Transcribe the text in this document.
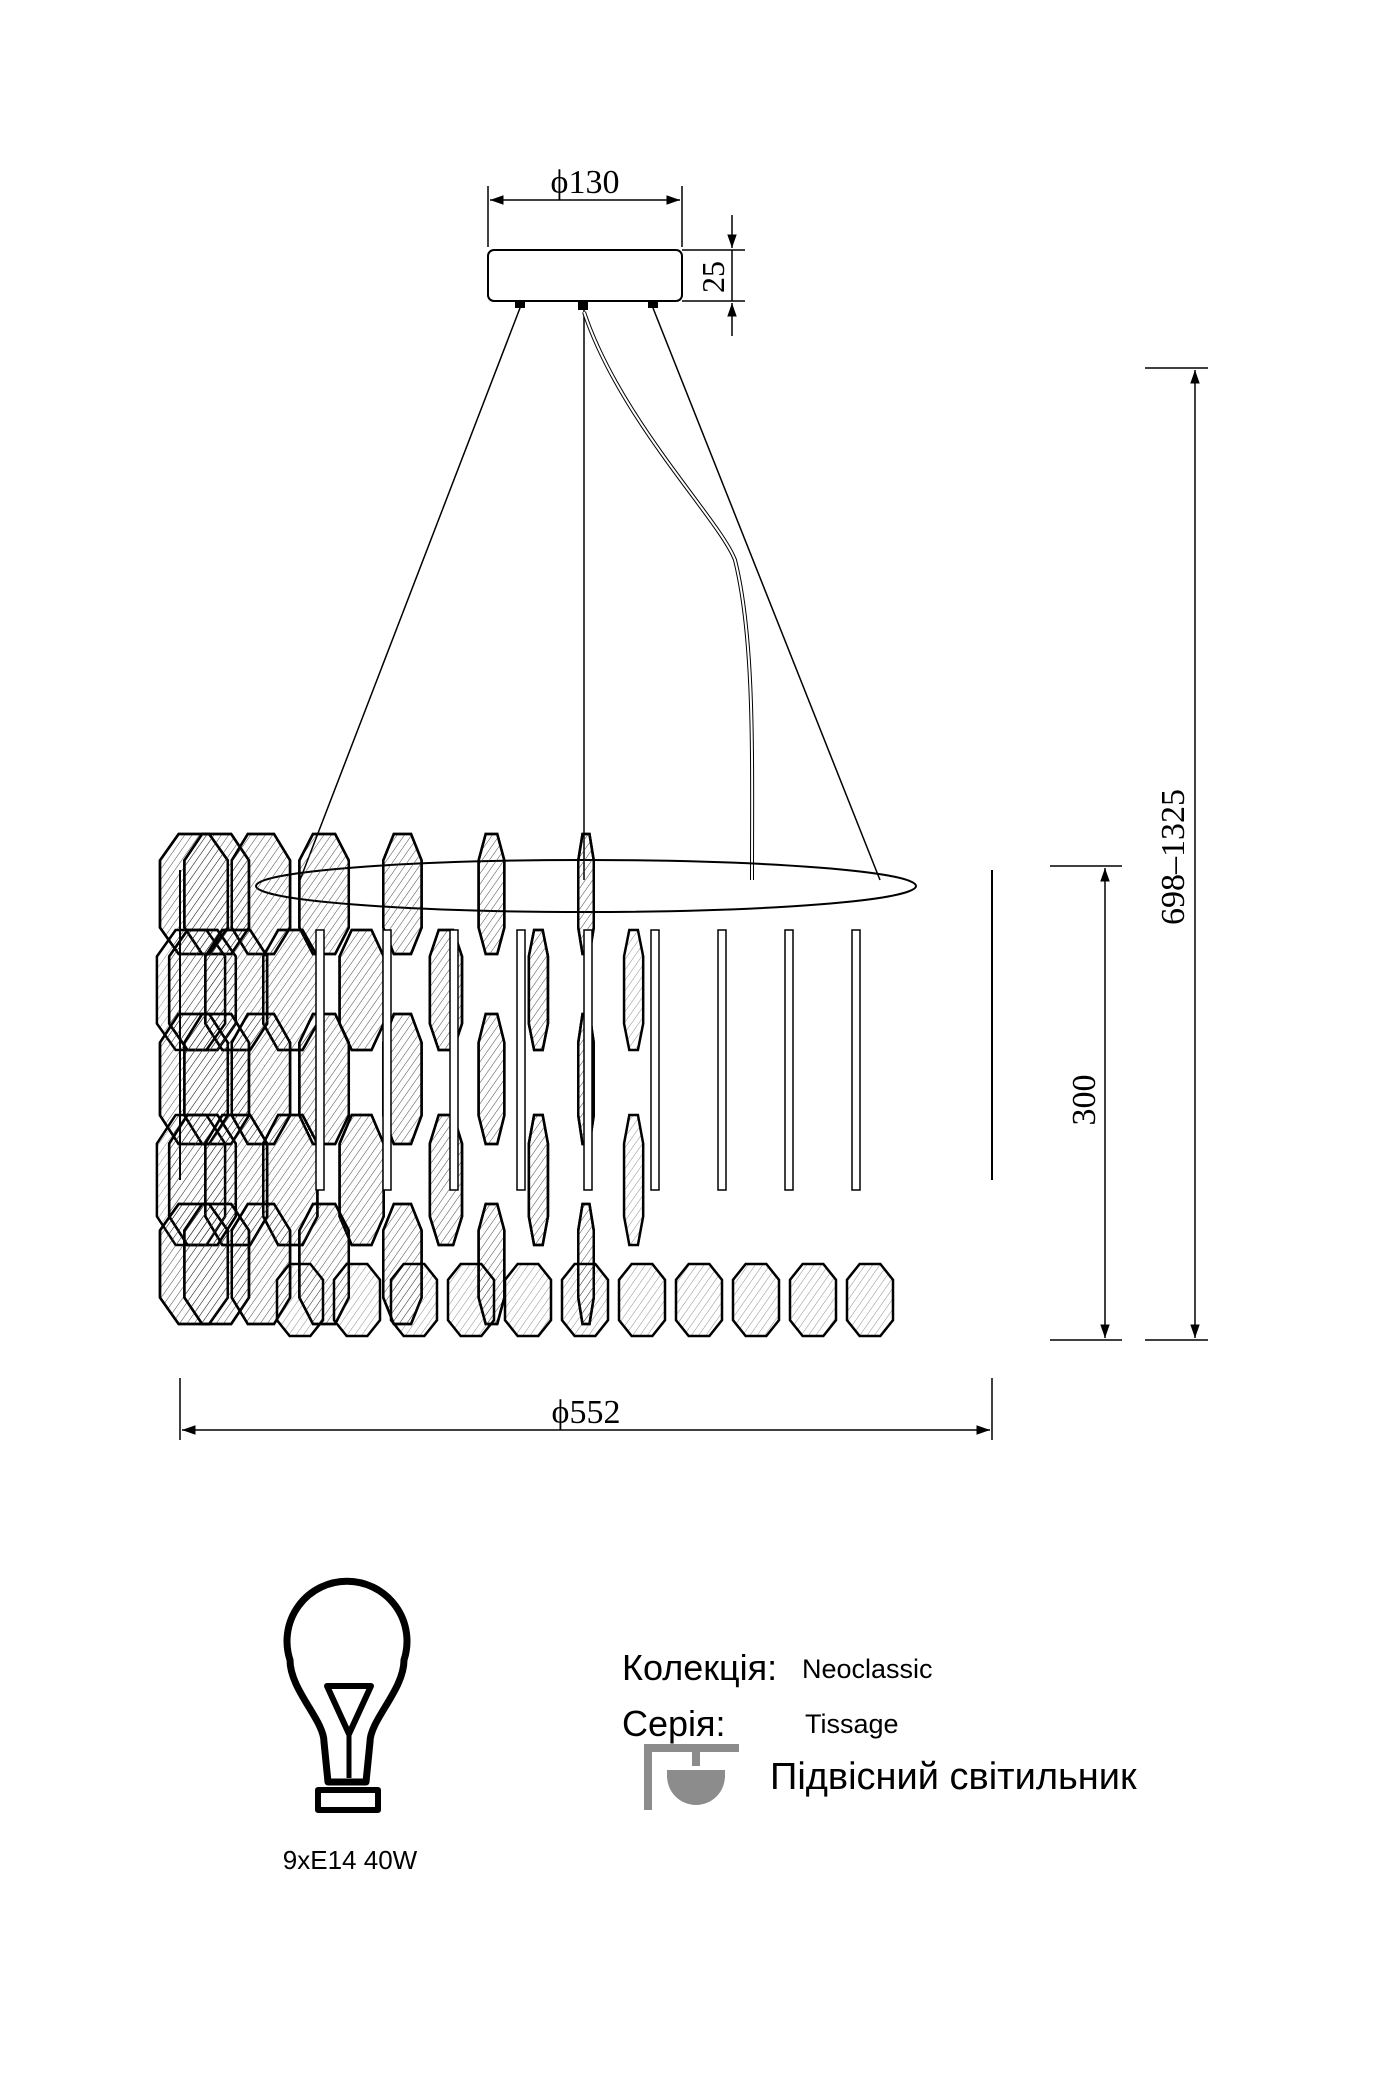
ϕ130
25
698–1325
300
ϕ552
9xE14 40W
Колекція: Neoclassic
Серія:	Tissage
Підвісний світильник
